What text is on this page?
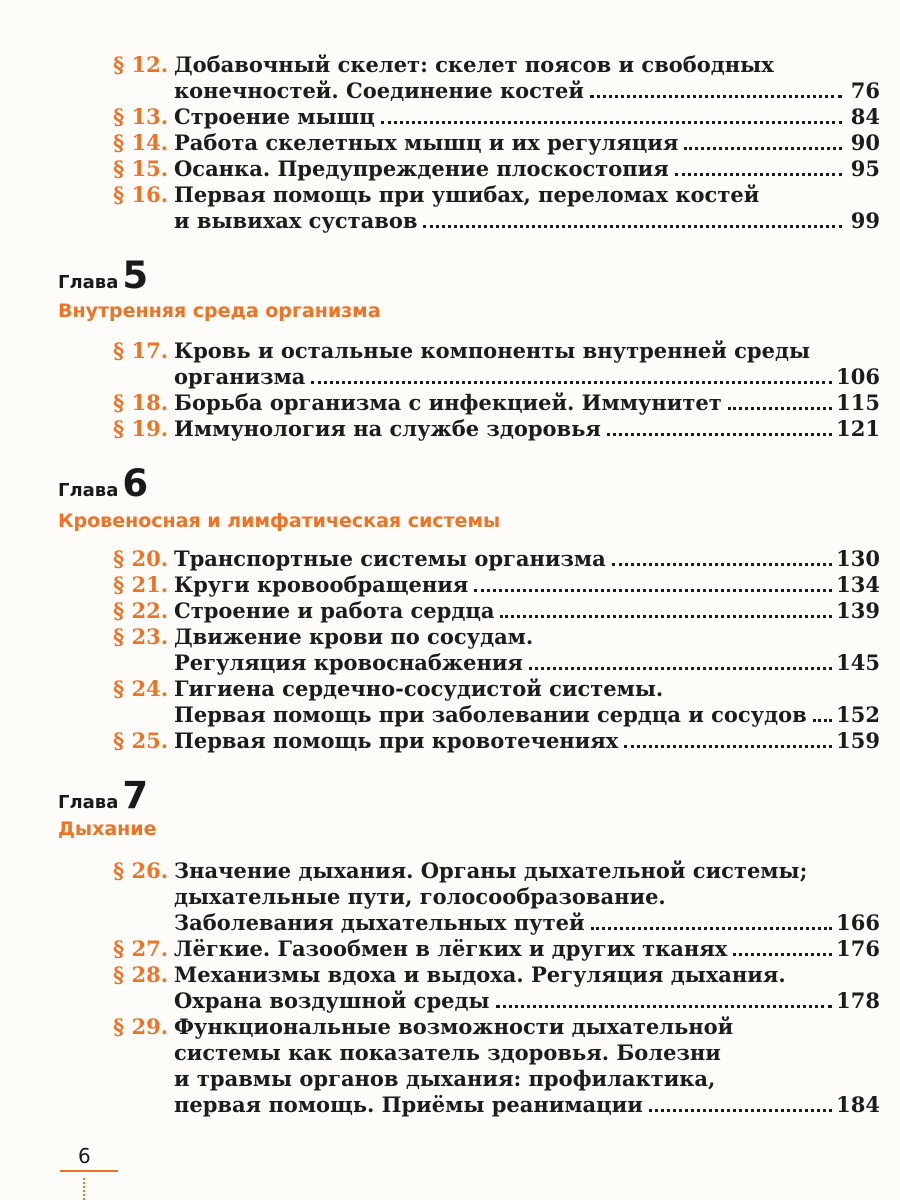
Глава 5
Внутренняя среда организма
Глава 6
Кровеносная и лимфатическая системы
Глава 7
Дыхание
§ 12. Добавочный скелет: скелет поясов и свободных
конечностей. Соединение костей	76
§ 13. Строение мышц	84
§ 14. Работа скелетных мышц и их регуляция	90
§ 15. Осанка. Предупреждение плоскостопия	95
§ 16. Первая помощь при ушибах, переломах костей
и вывихах суставов	99
§ 17. Кровь и остальные компоненты внутренней среды
организма	106
§ 18. Борьба организма с инфекцией. Иммунитет	115
§ 19. Иммунология на службе здоровья	121
§ 20. Транспортные системы организма	130
§ 21. Круги кровообращения	134
§ 22. Строение и работа сердца	139
§ 23. Движение крови по сосудам.
Регуляция кровоснабжения	145
§ 24. Гигиена сердечно-сосудистой системы.
Первая помощь при заболевании сердца и сосудов 152
§ 25. Первая помощь при кровотечениях	159
§ 26. Значение дыхания. Органы дыхательной системы;
дыхательные пути, голосообразование.
Заболевания дыхательных путей	166
§ 27. Лёгкие. Газообмен в лёгких и других тканях	176
§ 28. Механизмы вдоха и выдоха. Регуляция дыхания.
Охрана воздушной среды	178
§ 29. Функциональные возможности дыхательной
системы как показатель здоровья. Болезни
и травмы органов дыхания: профилактика,
первая помощь. Приёмы реанимации	184
6
